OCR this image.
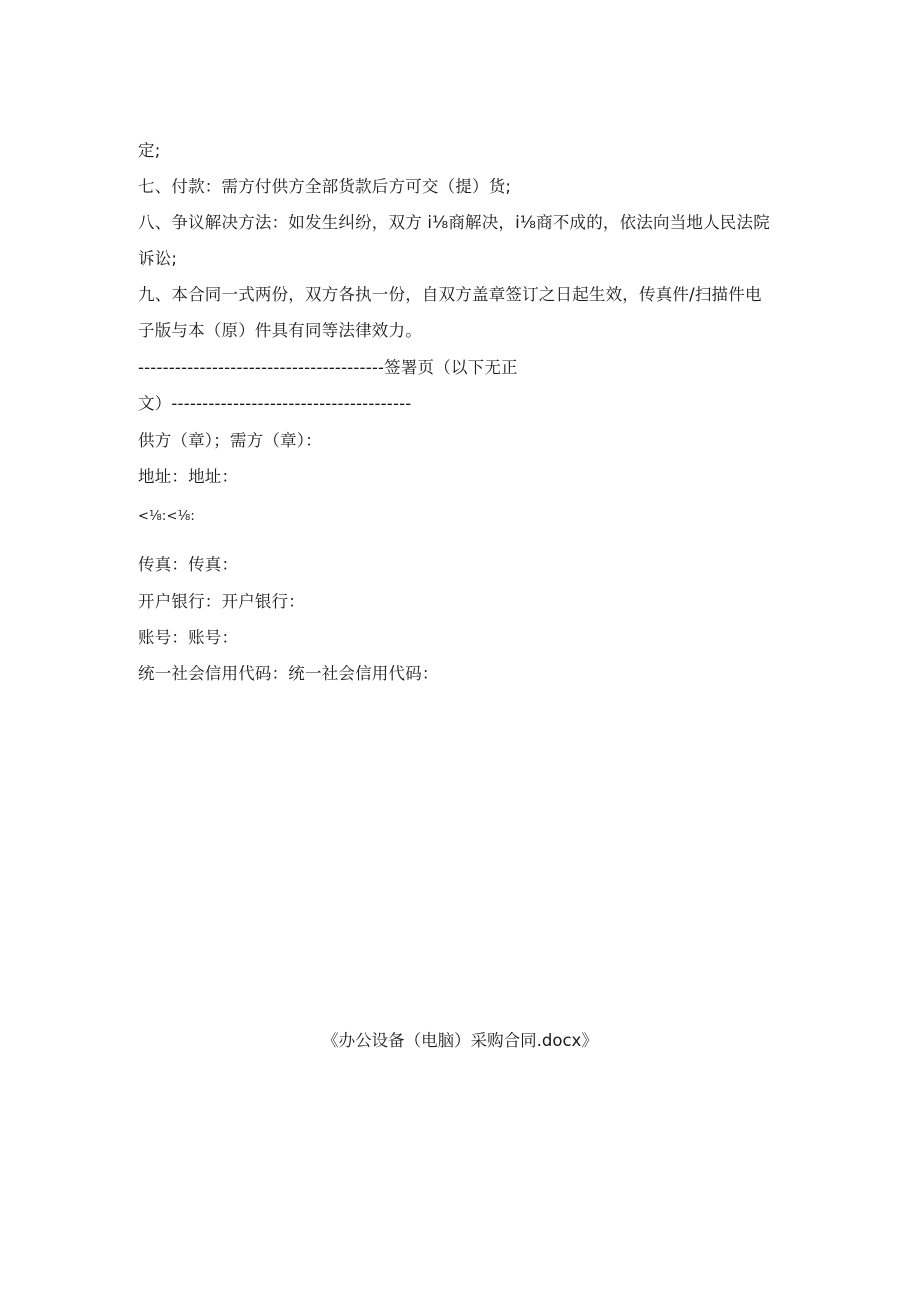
定;
七、付款：需方付供方全部货款后方可交（提）货;
八、争议解决方法：如发生纠纷，双方 i⅛商解决，i⅛商不成的，依法向当地人民法院
诉讼;
九、本合同一式两份，双方各执一份，自双方盖章签订之日起生效，传真件/扫描件电
子版与本（原）件具有同等法律效力。
----------------------------------------签署页（以下无正
文）---------------------------------------
供方（章）；需方（章）：
地址：地址：
<⅛:<⅛:
传真：传真：
开户银行：开户银行：
账号：账号：
统一社会信用代码：统一社会信用代码：
《办公设备（电脑）采购合同.docx》
